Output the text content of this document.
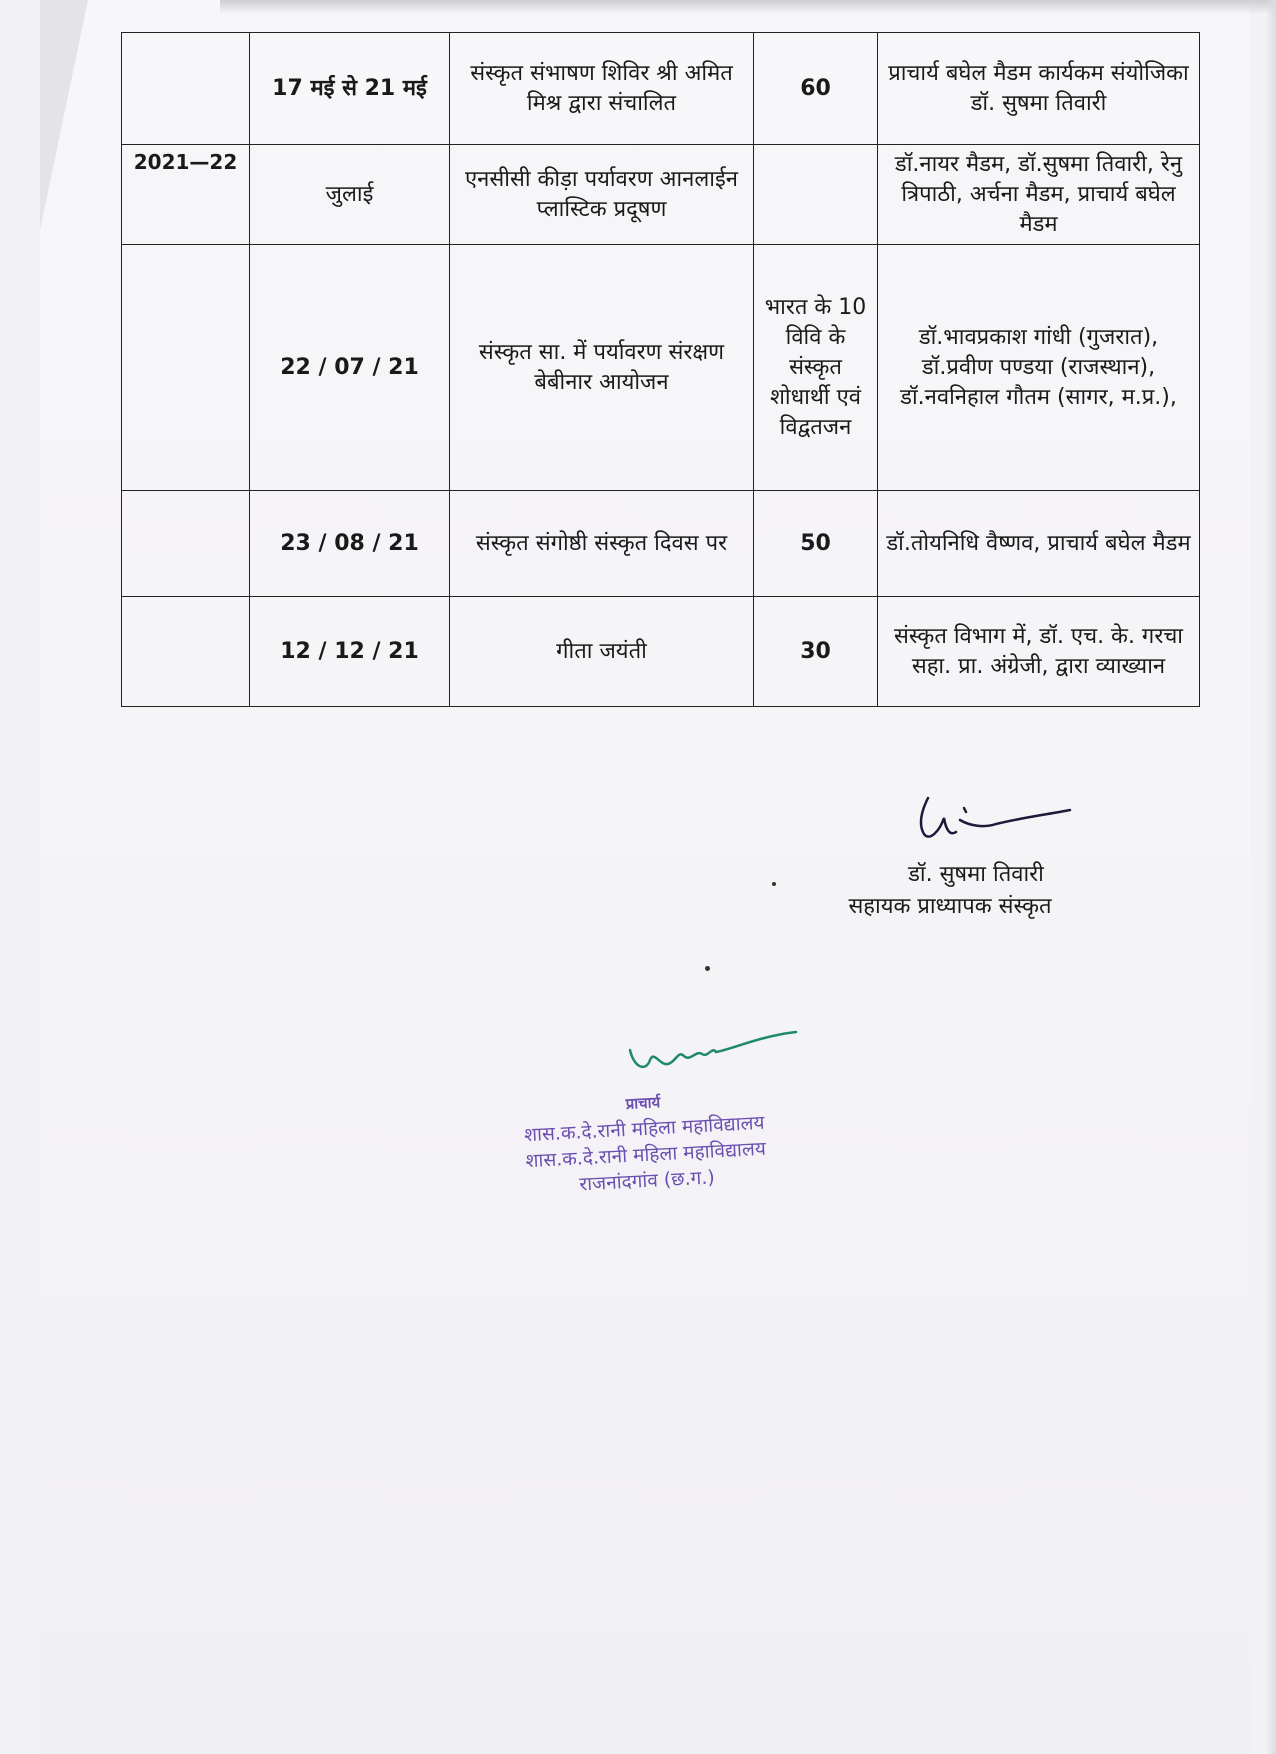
	17 मई से 21 मई	संस्कृत संभाषण शिविर श्री अमित मिश्र द्वारा संचालित	60	प्राचार्य बघेल मैडम कार्यकम संयोजिका डॉ. सुषमा तिवारी
2021—22	जुलाई	एनसीसी कीड़ा पर्यावरण आनलाईन प्लास्टिक प्रदूषण		डॉ.नायर मैडम, डॉ.सुषमा तिवारी, रेनु त्रिपाठी, अर्चना मैडम, प्राचार्य बघेल मैडम
	22 / 07 / 21	संस्कृत सा. में पर्यावरण संरक्षण बेबीनार आयोजन	भारत के 10 विवि के संस्कृत शोधार्थी एवं विद्वतजन	डॉ.भावप्रकाश गांधी (गुजरात), डॉ.प्रवीण पण्डया (राजस्थान), डॉ.नवनिहाल गौतम (सागर, म.प्र.),
	23 / 08 / 21	संस्कृत संगोष्ठी संस्कृत दिवस पर	50	डॉ.तोयनिधि वैष्णव, प्राचार्य बघेल मैडम
	12 / 12 / 21	गीता जयंती	30	संस्कृत विभाग में, डॉ. एच. के. गरचा सहा. प्रा. अंग्रेजी, द्वारा व्याख्यान
डॉ. सुषमा तिवारी
सहायक प्राध्यापक संस्कृत
प्राचार्य
शास.क.दे.रानी महिला महाविद्यालय
शास.क.दे.रानी महिला महाविद्यालय
राजनांदगांव (छ.ग.)
